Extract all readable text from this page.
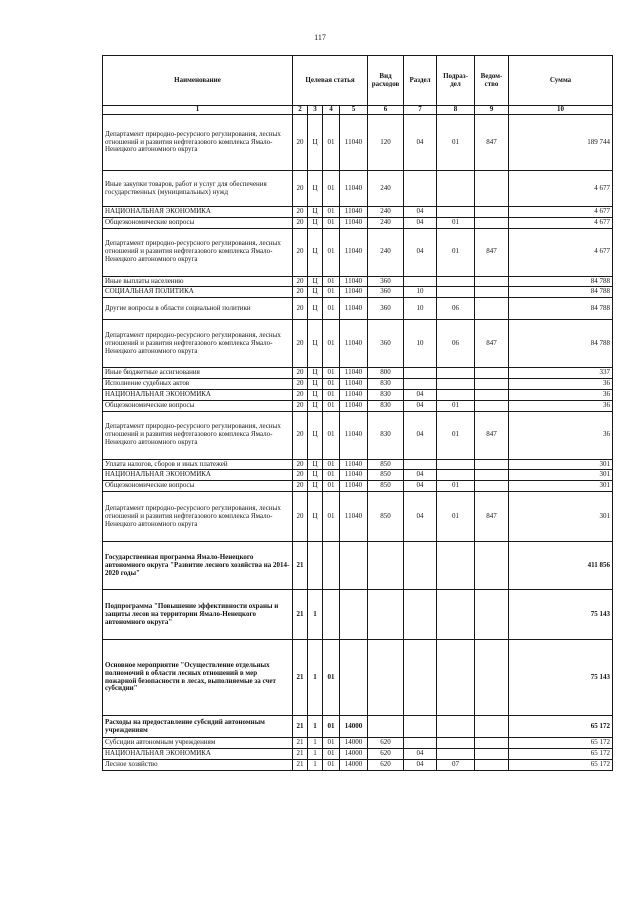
117
Наименование	Целевая статья				Вид расходов	Раздел	Подраз-дел	Ведом-ство	Сумма
1	2	3	4	5	6	7	8	9	10
Департамент природно-ресурсного регулирования, лесных отношений и развития нефтегазового комплекса Ямало-Ненецкого автономного округа	20	Ц	01	11040	120	04	01	847	189 744
Иные закупки товаров, работ и услуг для обеспечения государственных (муниципальных) нужд	20	Ц	01	11040	240				4 677
НАЦИОНАЛЬНАЯ ЭКОНОМИКА	20	Ц	01	11040	240	04			4 677
Общеэкономические вопросы	20	Ц	01	11040	240	04	01		4 677
Департамент природно-ресурсного регулирования, лесных отношений и развития нефтегазового комплекса Ямало-Ненецкого автономного округа	20	Ц	01	11040	240	04	01	847	4 677
Иные выплаты населению	20	Ц	01	11040	360				84 788
СОЦИАЛЬНАЯ ПОЛИТИКА	20	Ц	01	11040	360	10			84 788
Другие вопросы в области социальной политики	20	Ц	01	11040	360	10	06		84 788
Департамент природно-ресурсного регулирования, лесных отношений и развития нефтегазового комплекса Ямало-Ненецкого автономного округа	20	Ц	01	11040	360	10	06	847	84 788
Иные бюджетные ассигнования	20	Ц	01	11040	800				337
Исполнение судебных актов	20	Ц	01	11040	830				36
НАЦИОНАЛЬНАЯ ЭКОНОМИКА	20	Ц	01	11040	830	04			36
Общеэкономические вопросы	20	Ц	01	11040	830	04	01		36
Департамент природно-ресурсного регулирования, лесных отношений и развития нефтегазового комплекса Ямало-Ненецкого автономного округа	20	Ц	01	11040	830	04	01	847	36
Уплата налогов, сборов и иных платежей	20	Ц	01	11040	850				301
НАЦИОНАЛЬНАЯ ЭКОНОМИКА	20	Ц	01	11040	850	04			301
Общеэкономические вопросы	20	Ц	01	11040	850	04	01		301
Департамент природно-ресурсного регулирования, лесных отношений и развития нефтегазового комплекса Ямало-Ненецкого автономного округа	20	Ц	01	11040	850	04	01	847	301
Государственная программа Ямало-Ненецкого автономного округа "Развитие лесного хозяйства на 2014-2020 годы"	21								411 856
Подпрограмма "Повышение эффективности охраны и защиты лесов на территории Ямало-Ненецкого автономного округа"	21	1							75 143
Основное мероприятие "Осуществление отдельных полномочий в области лесных отношений в мер пожарной безопасности в лесах, выполняемые за счет субсидии"	21	1	01						75 143
Расходы на предоставление субсидий автономным учреждениям	21	1	01	14000					65 172
Субсидии автономным учреждениям	21	1	01	14000	620				65 172
НАЦИОНАЛЬНАЯ ЭКОНОМИКА	21	1	01	14000	620	04			65 172
Лесное хозяйство	21	1	01	14000	620	04	07		65 172
